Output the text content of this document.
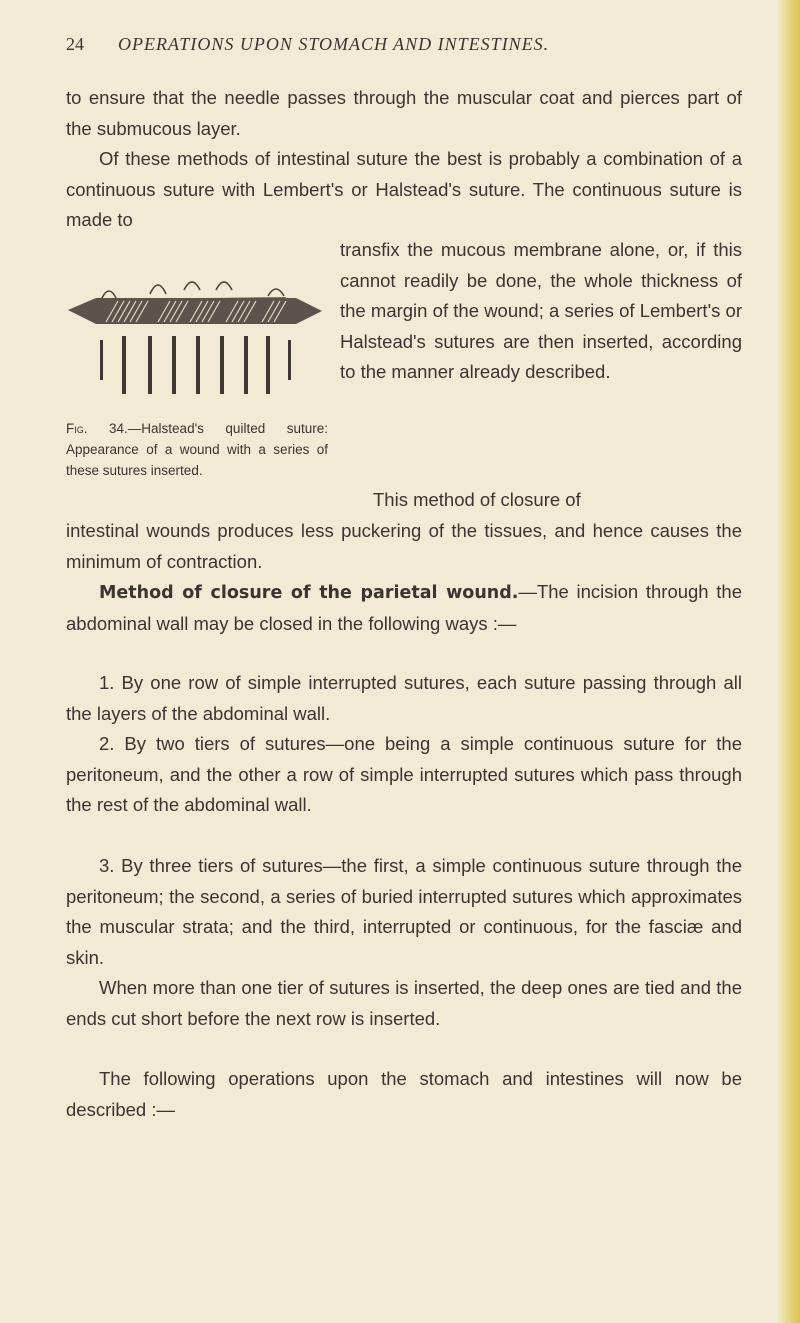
24 OPERATIONS UPON STOMACH AND INTESTINES.

to ensure that the needle passes through the muscular coat and pierces part of the submucous layer.

Of these methods of intestinal suture the best is probably a combination of a continuous suture with Lembert's or Halstead's suture. The continuous suture is made to

transfix the mucous membrane alone, or, if this cannot readily be done, the whole thickness of the margin of the wound; a series of Lembert's or Halstead's sutures are then inserted, according to the manner already described.

This method of closure of

Fig. 34.—Halstead's quilted suture: Appearance of a wound with a series of these sutures inserted.

intestinal wounds produces less puckering of the tissues, and hence causes the minimum of contraction.

Method of closure of the parietal wound.—The incision through the abdominal wall may be closed in the following ways :—

1. By one row of simple interrupted sutures, each suture passing through all the layers of the abdominal wall.

2. By two tiers of sutures—one being a simple continuous suture for the peritoneum, and the other a row of simple interrupted sutures which pass through the rest of the abdominal wall.

3. By three tiers of sutures—the first, a simple continuous suture through the peritoneum; the second, a series of buried interrupted sutures which approximates the muscular strata; and the third, interrupted or continuous, for the fasciæ and skin.

When more than one tier of sutures is inserted, the deep ones are tied and the ends cut short before the next row is inserted.

The following operations upon the stomach and intestines will now be described :—
